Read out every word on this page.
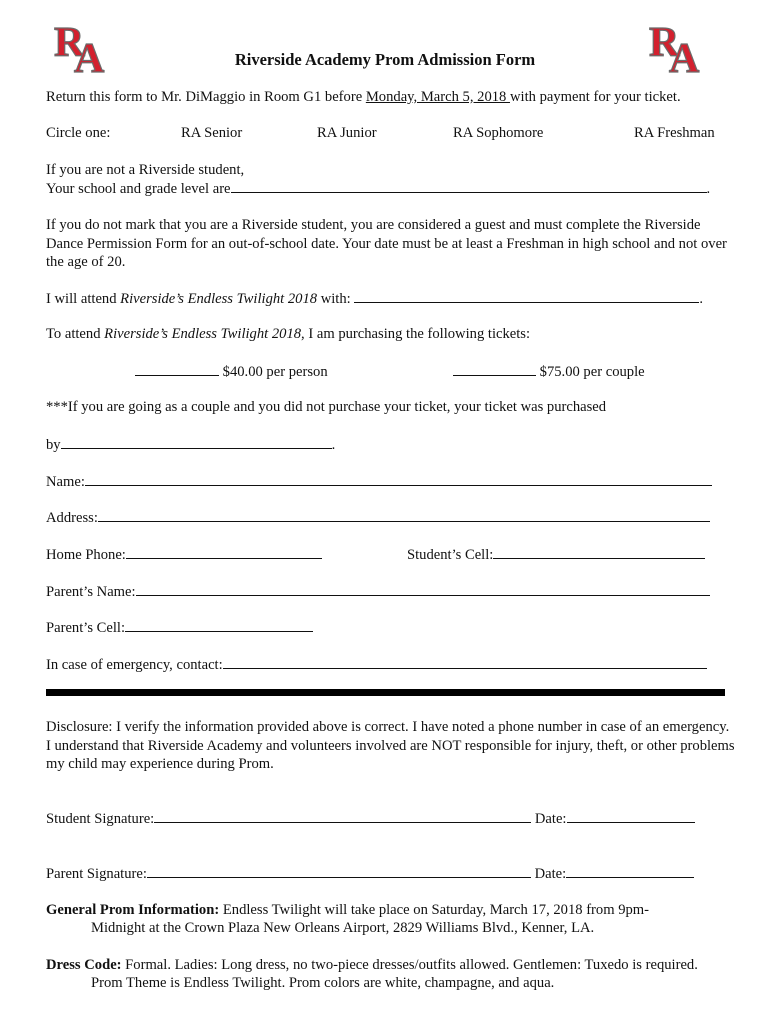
R
A	R
A
Riverside Academy Prom Admission Form
Return this form to Mr. DiMaggio in Room G1 before Monday, March 5, 2018 with payment for your ticket.
Circle one:	RA Senior	RA Junior	RA Sophomore	RA Freshman
If you are not a Riverside student,
Your school and grade level are	.
If you do not mark that you are a Riverside student, you are considered a guest and must complete the Riverside Dance Permission Form for an out-of-school date. Your date must be at least a Freshman in high school and not over the age of 20.
I will attend Riverside’s Endless Twilight 2018 with:	.
To attend Riverside’s Endless Twilight 2018, I am purchasing the following tickets:
$40.00 per person	$75.00 per couple
***If you are going as a couple and you did not purchase your ticket, your ticket was purchased
by	.
Name:
Address:
Home Phone:	Student’s Cell:
Parent’s Name:
Parent’s Cell:
In case of emergency, contact:
Disclosure: I verify the information provided above is correct. I have noted a phone number in case of an emergency. I understand that Riverside Academy and volunteers involved are NOT responsible for injury, theft, or other problems my child may experience during Prom.
Student Signature:	Date:
Parent Signature:	Date:
General Prom Information: Endless Twilight will take place on Saturday, March 17, 2018 from 9pm-
Midnight at the Crown Plaza New Orleans Airport, 2829 Williams Blvd., Kenner, LA.
Dress Code: Formal. Ladies: Long dress, no two-piece dresses/outfits allowed. Gentlemen: Tuxedo is required.
Prom Theme is Endless Twilight. Prom colors are white, champagne, and aqua.
